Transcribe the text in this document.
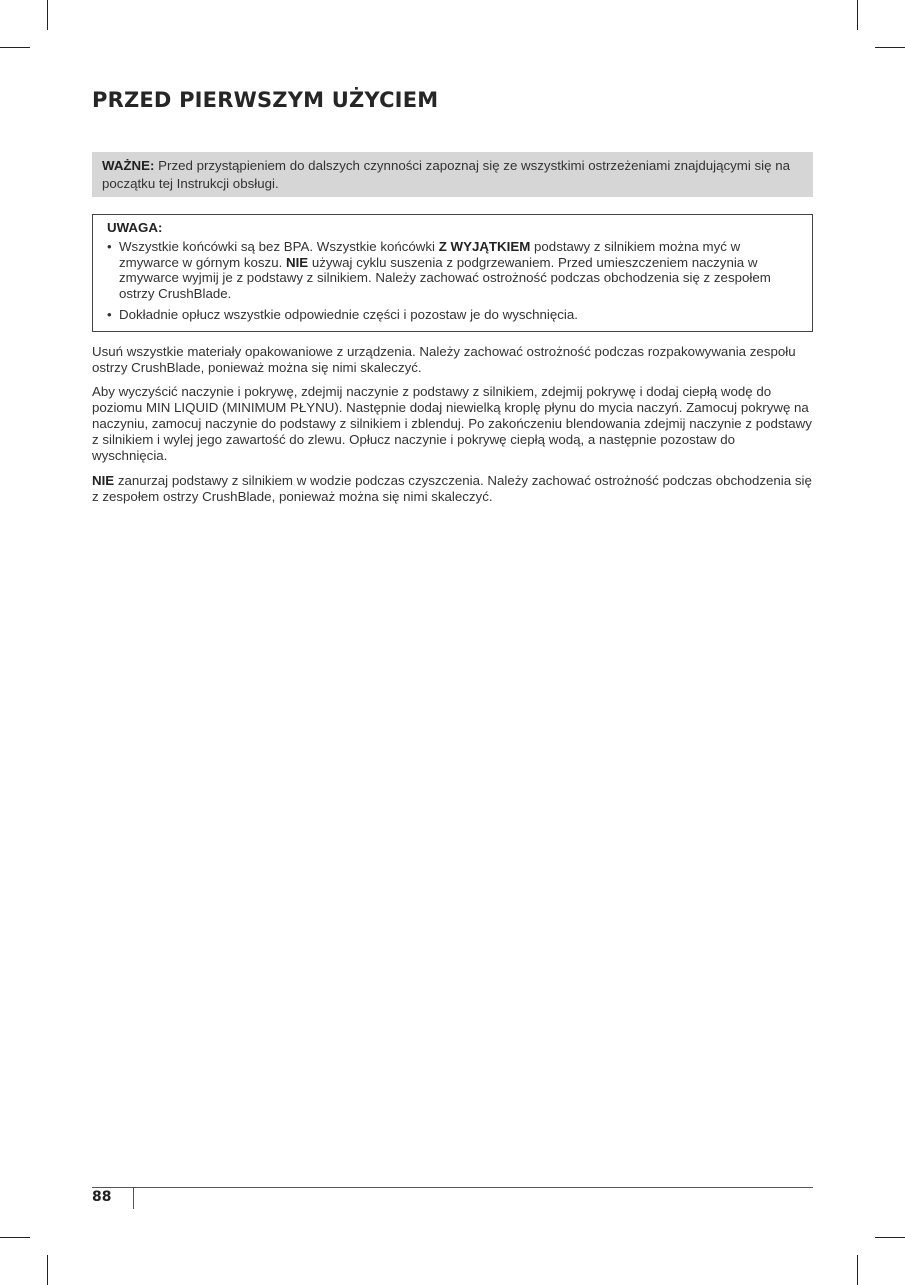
PRZED PIERWSZYM UŻYCIEM
WAŻNE: Przed przystąpieniem do dalszych czynności zapoznaj się ze wszystkimi ostrzeżeniami znajdującymi się na początku tej Instrukcji obsługi.
UWAGA:
• Wszystkie końcówki są bez BPA. Wszystkie końcówki Z WYJĄTKIEM podstawy z silnikiem można myć w zmywarce w górnym koszu. NIE używaj cyklu suszenia z podgrzewaniem. Przed umieszczeniem naczynia w zmywarce wyjmij je z podstawy z silnikiem. Należy zachować ostrożność podczas obchodzenia się z zespołem ostrzy CrushBlade.
• Dokładnie opłucz wszystkie odpowiednie części i pozostaw je do wyschnięcia.

Usuń wszystkie materiały opakowaniowe z urządzenia. Należy zachować ostrożność podczas rozpakowywania zespołu ostrzy CrushBlade, ponieważ można się nimi skaleczyć.

Aby wyczyścić naczynie i pokrywę, zdejmij naczynie z podstawy z silnikiem, zdejmij pokrywę i dodaj ciepłą wodę do poziomu MIN LIQUID (MINIMUM PŁYNU). Następnie dodaj niewielką kroplę płynu do mycia naczyń. Zamocuj pokrywę na naczyniu, zamocuj naczynie do podstawy z silnikiem i zblenduj. Po zakończeniu blendowania zdejmij naczynie z podstawy z silnikiem i wylej jego zawartość do zlewu. Opłucz naczynie i pokrywę ciepłą wodą, a następnie pozostaw do wyschnięcia.

NIE zanurzaj podstawy z silnikiem w wodzie podczas czyszczenia. Należy zachować ostrożność podczas obchodzenia się z zespołem ostrzy CrushBlade, ponieważ można się nimi skaleczyć.

88
